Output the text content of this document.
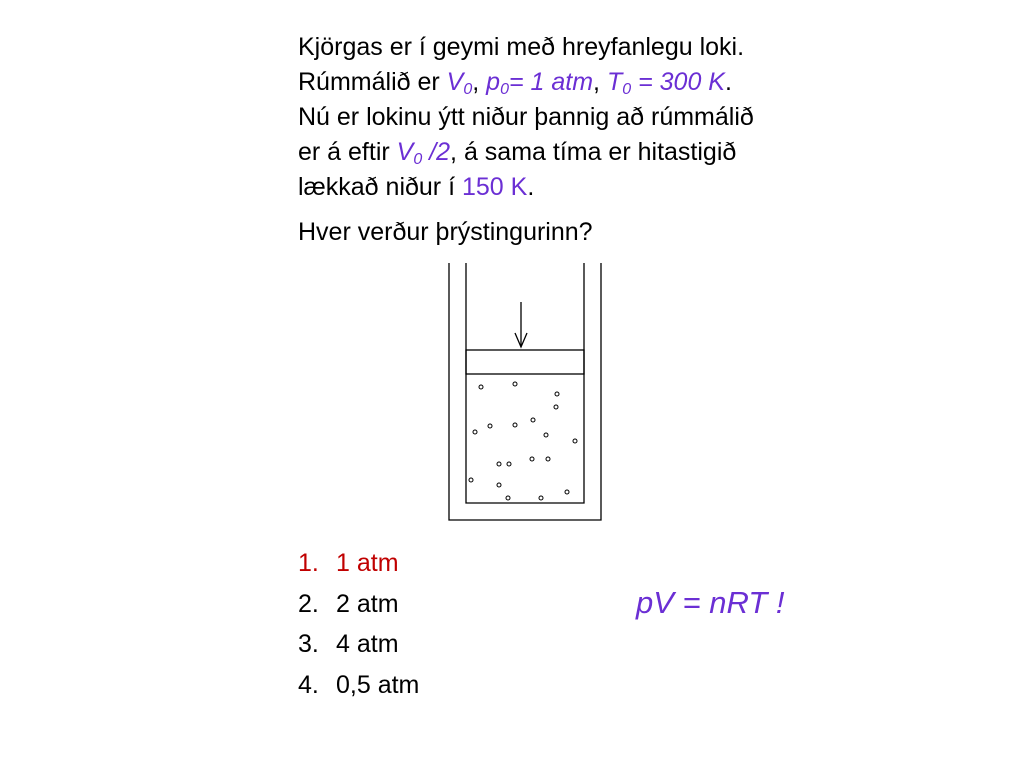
Kjörgas er í geymi með hreyfanlegu loki.
Rúmmálið er $V_0$, $p_0= 1$ atm, $T_0 = 300$ K.
Nú er lokinu ýtt niður þannig að rúmmálið
er á eftir $V_0$ /2, á sama tíma er hitastigið
lækkað niður í 150 K.
Hver verður þrýstingurinn?
1. 1 atm
2. 2 atm
3. 4 atm
4. 0,5 atm
pV = nRT !
